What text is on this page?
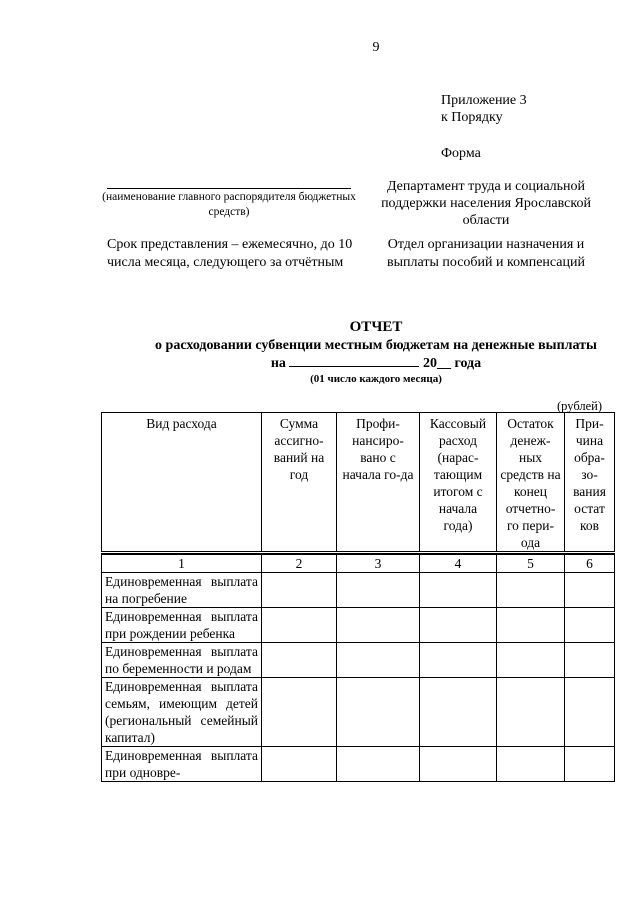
9
Приложение 3
к Порядку
Форма
(наименование главного распорядителя бюджетных средств)
Департамент труда и социальной поддержки населения Ярославской области
Срок представления – ежемесячно, до 10 числа месяца, следующего за отчётным
Отдел организации назначения и выплаты пособий и компенсаций
ОТЧЕТ
о расходовании субвенции местным бюджетам на денежные выплаты
на	20__ года
(01 число каждого месяца)
(рублей)
Вид расхода	Сумма ассигно-ваний на год	Профи-нансиро-вано с начала го-да	Кассовый расход (нарас-тающим итогом с начала года)	Остаток денеж-ных средств на конец отчетно-го пери-ода	При-чина обра-зо-вания остат ков

1	2	3	4	5	6
Единовременная выплата на погребение					
Единовременная выплата при рождении ребенка					
Единовременная выплата по беременности и родам					
Единовременная выплата семьям, имеющим детей (региональный семейный капитал)					
Единовременная выплата при одновре-					
